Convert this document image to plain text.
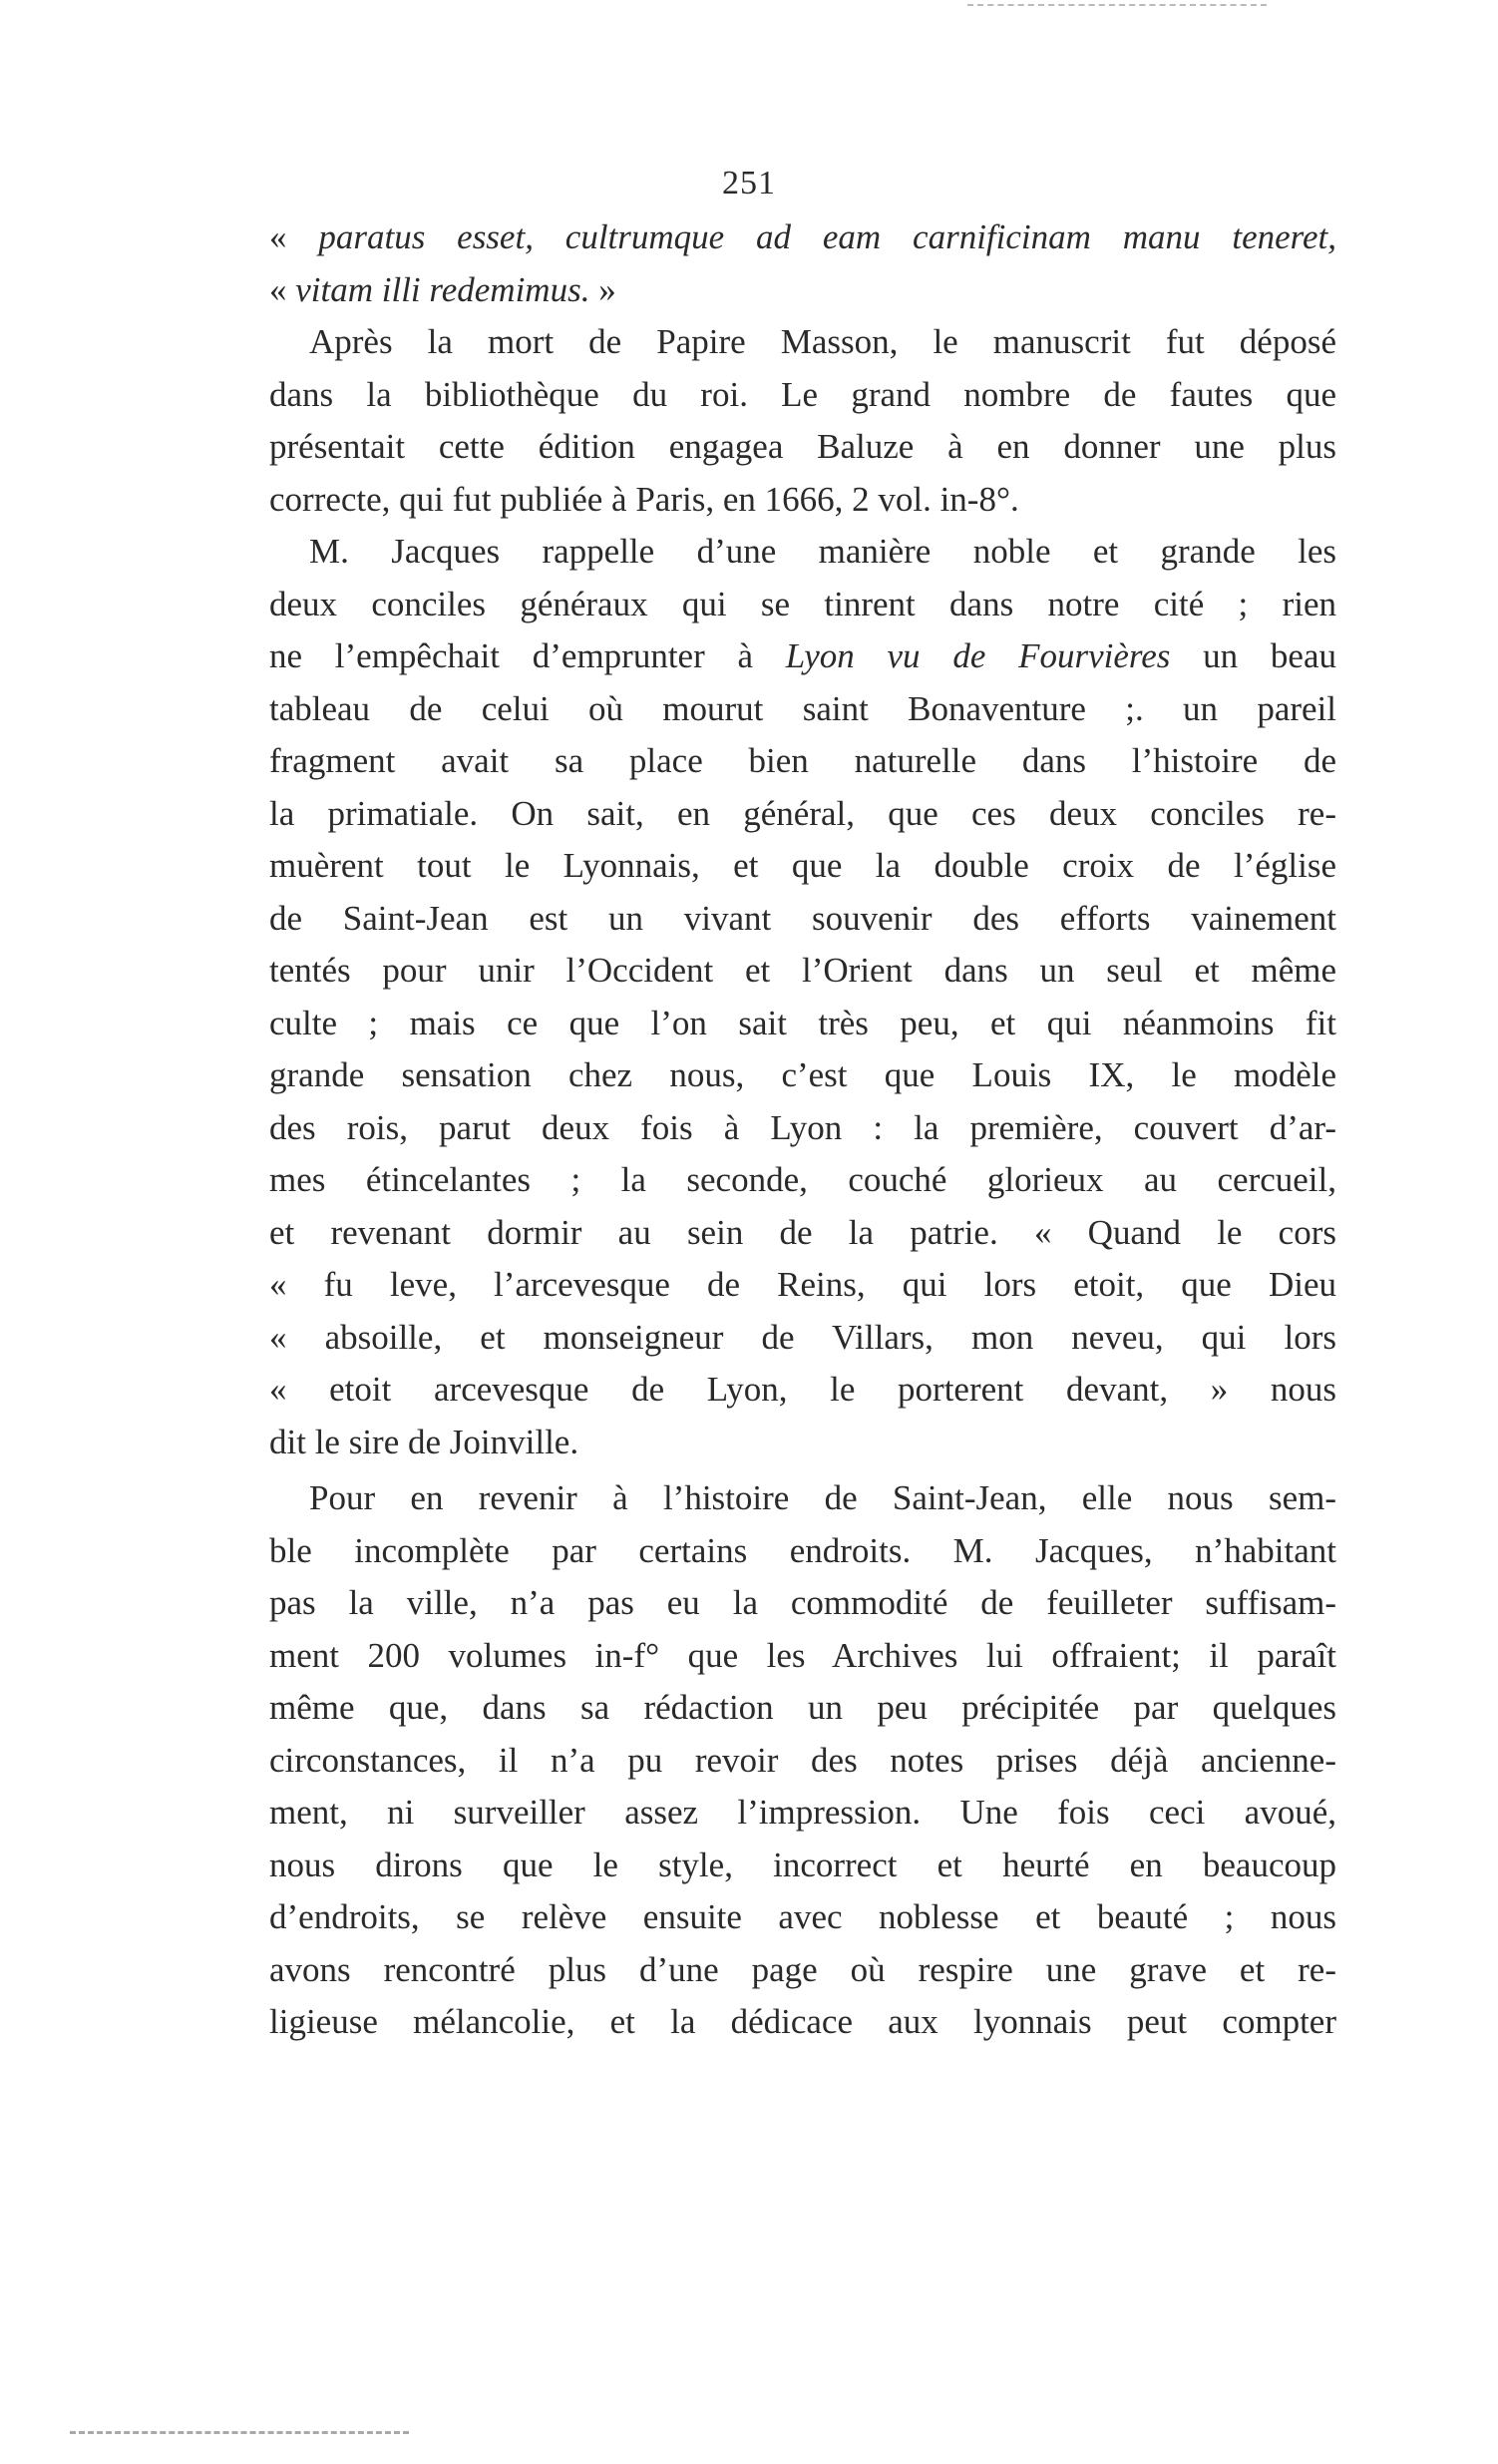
251
« paratus esset, cultrumque ad eam carnificinam manu teneret,
« vitam illi redemimus. »
Après la mort de Papire Masson, le manuscrit fut déposé
dans la bibliothèque du roi. Le grand nombre de fautes que
présentait cette édition engagea Baluze à en donner une plus
correcte, qui fut publiée à Paris, en 1666, 2 vol. in-8°.
M. Jacques rappelle d’une manière noble et grande les
deux conciles généraux qui se tinrent dans notre cité ; rien
ne l’empêchait d’emprunter à Lyon vu de Fourvières un beau
tableau de celui où mourut saint Bonaventure ;. un pareil
fragment avait sa place bien naturelle dans l’histoire de
la primatiale. On sait, en général, que ces deux conciles re-
muèrent tout le Lyonnais, et que la double croix de l’église
de Saint-Jean est un vivant souvenir des efforts vainement
tentés pour unir l’Occident et l’Orient dans un seul et même
culte ; mais ce que l’on sait très peu, et qui néanmoins fit
grande sensation chez nous, c’est que Louis IX, le modèle
des rois, parut deux fois à Lyon : la première, couvert d’ar-
mes étincelantes ; la seconde, couché glorieux au cercueil,
et revenant dormir au sein de la patrie. « Quand le cors
« fu leve, l’arcevesque de Reins, qui lors etoit, que Dieu
« absoille, et monseigneur de Villars, mon neveu, qui lors
« etoit arcevesque de Lyon, le porterent devant, » nous
dit le sire de Joinville.
Pour en revenir à l’histoire de Saint-Jean, elle nous sem-
ble incomplète par certains endroits. M. Jacques, n’habitant
pas la ville, n’a pas eu la commodité de feuilleter suffisam-
ment 200 volumes in-f° que les Archives lui offraient; il paraît
même que, dans sa rédaction un peu précipitée par quelques
circonstances, il n’a pu revoir des notes prises déjà ancienne-
ment, ni surveiller assez l’impression. Une fois ceci avoué,
nous dirons que le style, incorrect et heurté en beaucoup
d’endroits, se relève ensuite avec noblesse et beauté ; nous
avons rencontré plus d’une page où respire une grave et re-
ligieuse mélancolie, et la dédicace aux lyonnais peut compter
